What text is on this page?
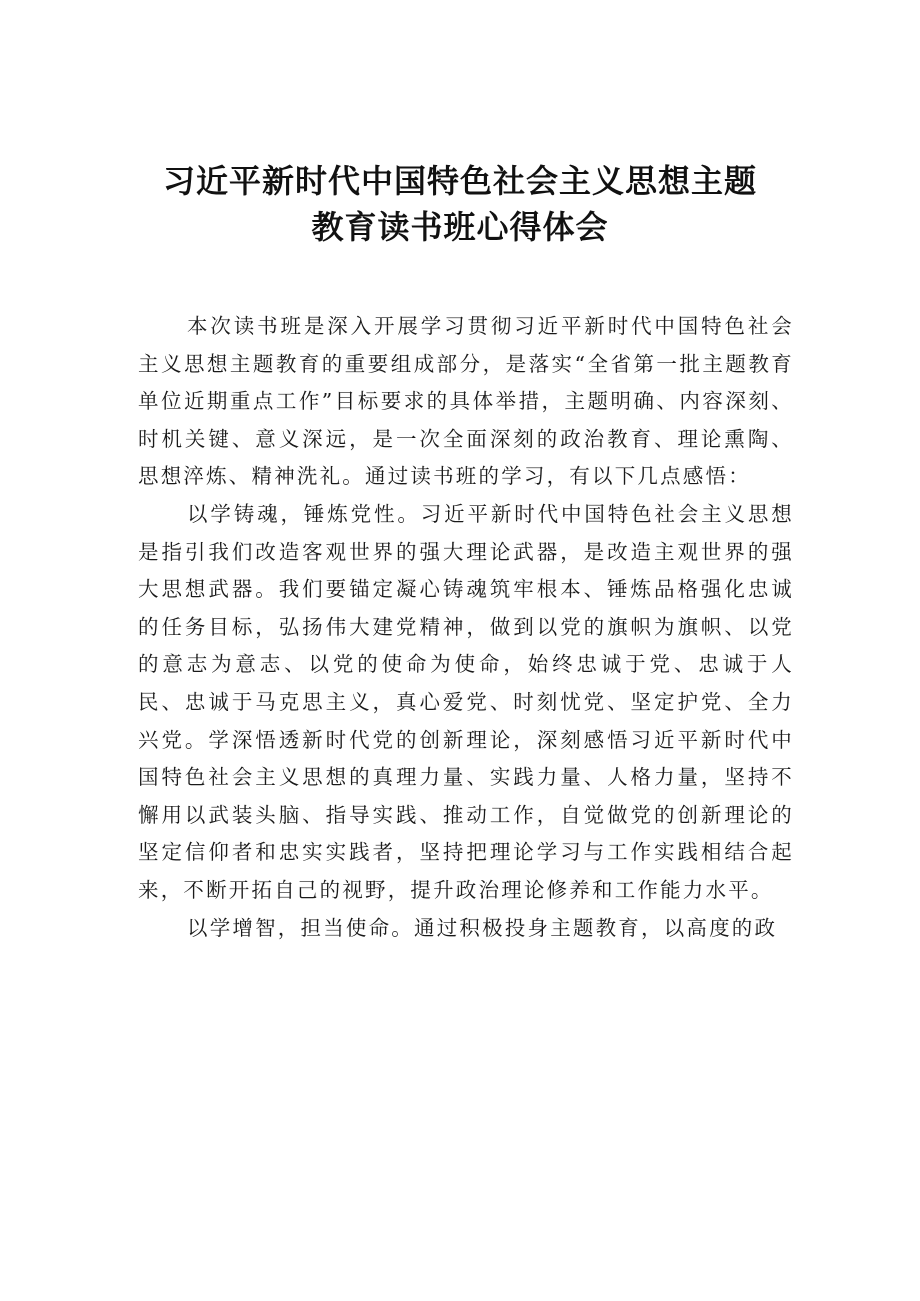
习近平新时代中国特色社会主义思想主题
教育读书班心得体会

本次读书班是深入开展学习贯彻习近平新时代中国特色社会主义思想主题教育的重要组成部分，是落实“全省第一批主题教育单位近期重点工作”目标要求的具体举措，主题明确、内容深刻、时机关键、意义深远，是一次全面深刻的政治教育、理论熏陶、思想淬炼、精神洗礼。通过读书班的学习，有以下几点感悟：

以学铸魂，锤炼党性。习近平新时代中国特色社会主义思想是指引我们改造客观世界的强大理论武器，是改造主观世界的强大思想武器。我们要锚定凝心铸魂筑牢根本、锤炼品格强化忠诚的任务目标，弘扬伟大建党精神，做到以党的旗帜为旗帜、以党的意志为意志、以党的使命为使命，始终忠诚于党、忠诚于人民、忠诚于马克思主义，真心爱党、时刻忧党、坚定护党、全力兴党。学深悟透新时代党的创新理论，深刻感悟习近平新时代中国特色社会主义思想的真理力量、实践力量、人格力量，坚持不懈用以武装头脑、指导实践、推动工作，自觉做党的创新理论的坚定信仰者和忠实实践者，坚持把理论学习与工作实践相结合起来，不断开拓自己的视野，提升政治理论修养和工作能力水平。

以学增智，担当使命。通过积极投身主题教育，以高度的政
